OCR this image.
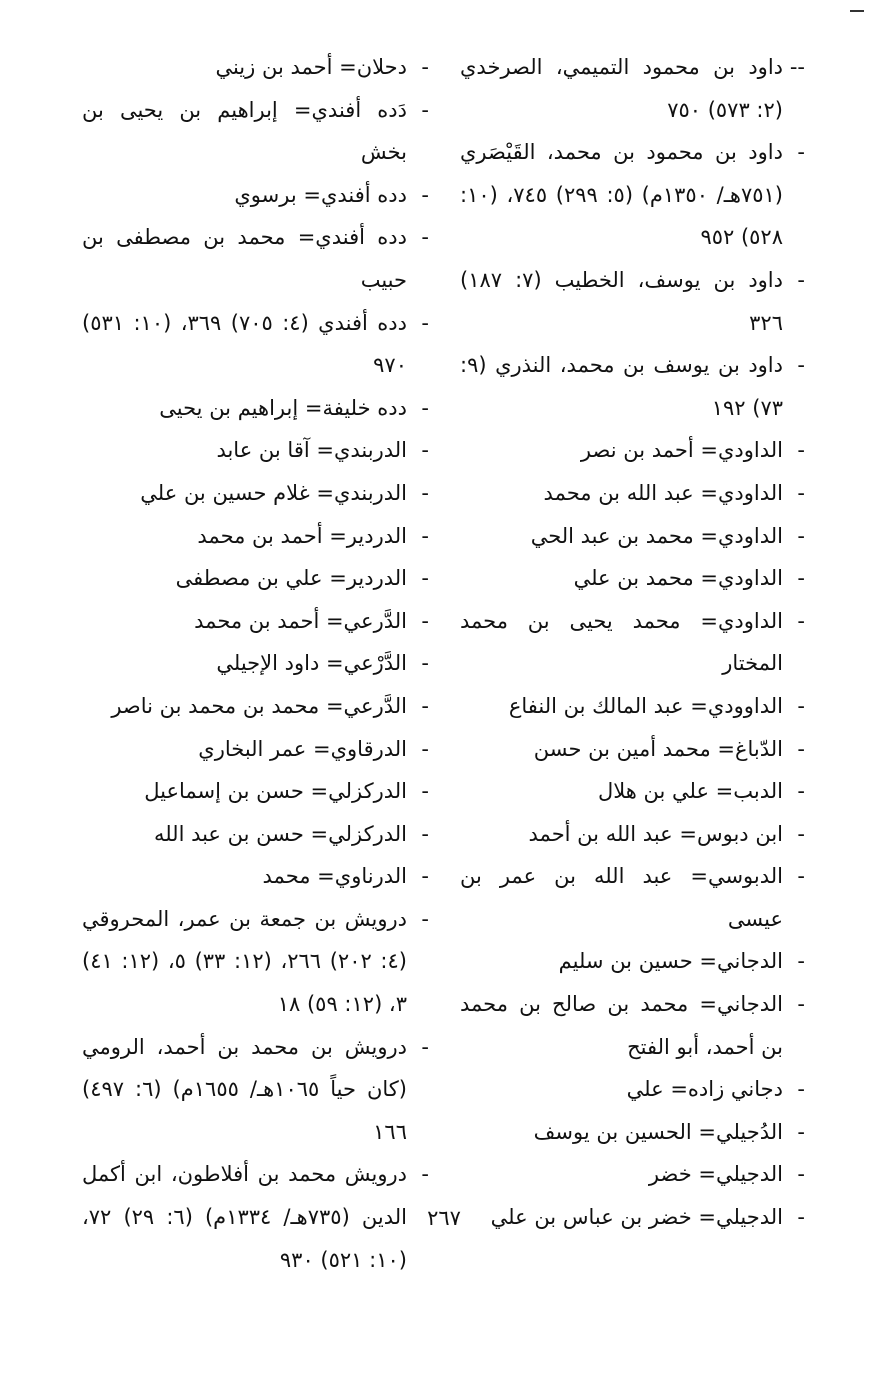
--
داود بن محمود التميمي، الصرخدي (٢: ٥٧٣) ٧٥٠
-
داود بن محمود بن محمد، القَيْصَري (٧٥١هـ/ ١٣٥٠م) (٥: ٢٩٩) ٧٤٥، (١٠: ٥٢٨) ٩٥٢
-
داود بن يوسف، الخطيب (٧: ١٨٧) ٣٢٦
-
داود بن يوسف بن محمد، النذري (٩: ٧٣) ١٩٢
-
الداودي= أحمد بن نصر
-
الداودي= عبد الله بن محمد
-
الداودي= محمد بن عبد الحي
-
الداودي= محمد بن علي
-
الداودي= محمد يحيى بن محمد المختار
-
الداوودي= عبد المالك بن النفاع
-
الدّباغ= محمد أمين بن حسن
-
الدبب= علي بن هلال
-
ابن دبوس= عبد الله بن أحمد
-
الدبوسي= عبد الله بن عمر بن عيسى
-
الدجاني= حسين بن سليم
-
الدجاني= محمد بن صالح بن محمد بن أحمد، أبو الفتح
-
دجاني زاده= علي
-
الدُجيلي= الحسين بن يوسف
-
الدجيلي= خضر
-
الدجيلي= خضر بن عباس بن علي
-
دحلان= أحمد بن زيني
-
دَده أفندي= إبراهيم بن يحيى بن بخش
-
دده أفندي= برسوي
-
دده أفندي= محمد بن مصطفى بن حبيب
-
دده أفندي (٤: ٧٠٥) ٣٦٩، (١٠: ٥٣١) ٩٧٠
-
دده خليفة= إبراهيم بن يحيى
-
الدربندي= آقا بن عابد
-
الدربندي= غلام حسين بن علي
-
الدردير= أحمد بن محمد
-
الدردير= علي بن مصطفى
-
الدَّرعي= أحمد بن محمد
-
الدَّرْعي= داود الإجيلي
-
الدَّرعي= محمد بن محمد بن ناصر
-
الدرقاوي= عمر البخاري
-
الدركزلي= حسن بن إسماعيل
-
الدركزلي= حسن بن عبد الله
-
الدرناوي= محمد
-
درويش بن جمعة بن عمر، المحروقي (٤: ٢٠٢) ٢٦٦، (١٢: ٣٣) ٥، (١٢: ٤١) ٣، (١٢: ٥٩) ١٨
-
درويش بن محمد بن أحمد، الرومي (كان حياً ١٠٦٥هـ/ ١٦٥٥م) (٦: ٤٩٧) ١٦٦
-
درويش محمد بن أفلاطون، ابن أكمل الدين (٧٣٥هـ/ ١٣٣٤م) (٦: ٢٩) ٧٢، (١٠: ٥٢١) ٩٣٠
٢٦٧
